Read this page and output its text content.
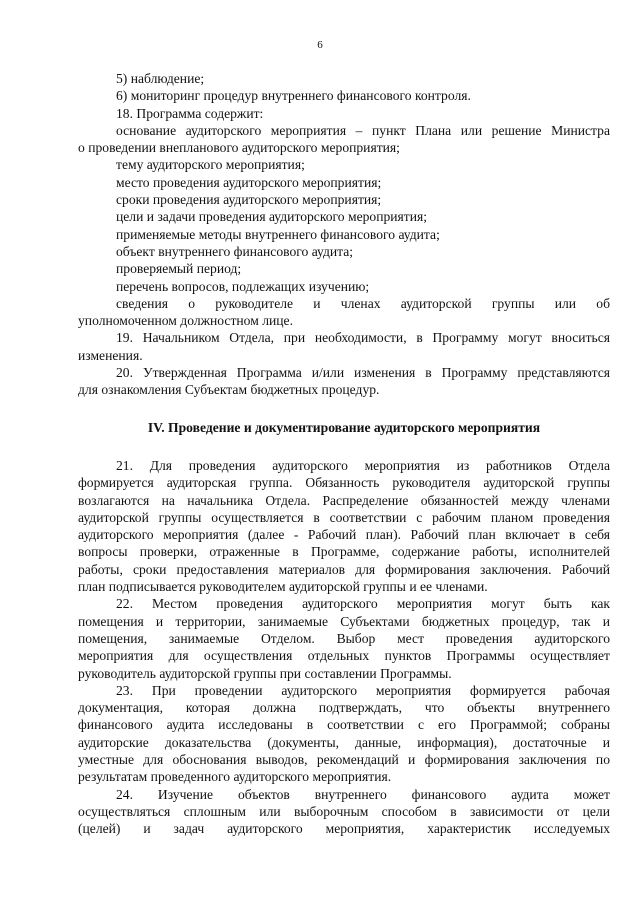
6
5) наблюдение;
6) мониторинг процедур внутреннего финансового контроля.
18. Программа содержит:
основание аудиторского мероприятия – пункт Плана или решение Министра
о проведении внепланового аудиторского мероприятия;
тему аудиторского мероприятия;
место проведения аудиторского мероприятия;
сроки проведения аудиторского мероприятия;
цели и задачи проведения аудиторского мероприятия;
применяемые методы внутреннего финансового аудита;
объект внутреннего финансового аудита;
проверяемый период;
перечень вопросов, подлежащих изучению;
сведения о руководителе и членах аудиторской группы или об
уполномоченном должностном лице.
19. Начальником Отдела, при необходимости, в Программу могут вноситься
изменения.
20. Утвержденная Программа и/или изменения в Программу представляются
для ознакомления Субъектам бюджетных процедур.
IV. Проведение и документирование аудиторского мероприятия
21. Для проведения аудиторского мероприятия из работников Отдела
формируется аудиторская группа. Обязанность руководителя аудиторской группы
возлагаются на начальника Отдела. Распределение обязанностей между членами
аудиторской группы осуществляется в соответствии с рабочим планом проведения
аудиторского мероприятия (далее - Рабочий план). Рабочий план включает в себя
вопросы проверки, отраженные в Программе, содержание работы, исполнителей
работы, сроки предоставления материалов для формирования заключения. Рабочий
план подписывается руководителем аудиторской группы и ее членами.
22. Местом проведения аудиторского мероприятия могут быть как
помещения и территории, занимаемые Субъектами бюджетных процедур, так и
помещения, занимаемые Отделом. Выбор мест проведения аудиторского
мероприятия для осуществления отдельных пунктов Программы осуществляет
руководитель аудиторской группы при составлении Программы.
23. При проведении аудиторского мероприятия формируется рабочая
документация, которая должна подтверждать, что объекты внутреннего
финансового аудита исследованы в соответствии с его Программой; собраны
аудиторские доказательства (документы, данные, информация), достаточные и
уместные для обоснования выводов, рекомендаций и формирования заключения по
результатам проведенного аудиторского мероприятия.
24. Изучение объектов внутреннего финансового аудита может
осуществляться сплошным или выборочным способом в зависимости от цели
(целей) и задач аудиторского мероприятия, характеристик исследуемых
